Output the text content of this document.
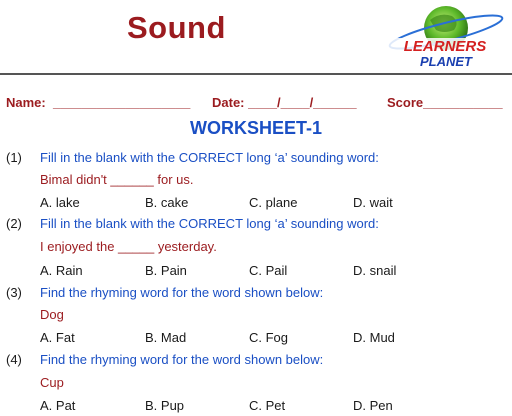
Sound
LEARNERS
PLANET
Name:  ___________________ Date: ____/____/______ Score___________
WORKSHEET-1
(1) Fill in the blank with the CORRECT long ‘a’ sounding word:
Bimal didn't ______ for us.
A. lake	B. cake	C. plane	D. wait
(2) Fill in the blank with the CORRECT long ‘a’ sounding word:
I enjoyed the _____ yesterday.
A. Rain	B. Pain	C. Pail	D. snail
(3) Find the rhyming word for the word shown below:
Dog
A. Fat	B. Mad	C. Fog	D. Mud
(4) Find the rhyming word for the word shown below:
Cup
A. Pat	B. Pup	C. Pet	D. Pen
